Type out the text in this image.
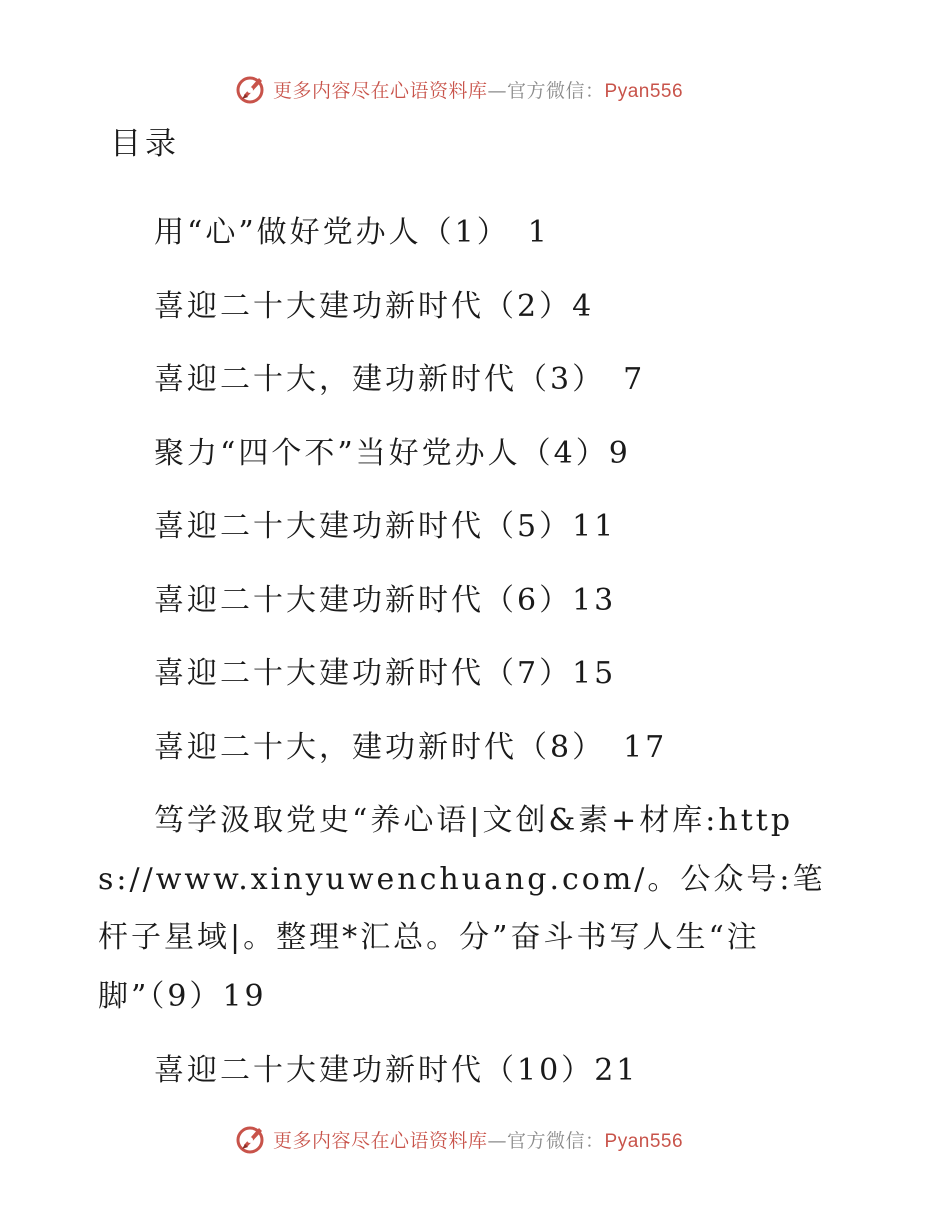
更多内容尽在心语资料库—官方微信：Pyan556
目录
用“心”做好党办人（1）　 1
喜迎二十大建功新时代（2）4
喜迎二十大，建功新时代（3）　 7
聚力“四个不”当好党办人（4）9
喜迎二十大建功新时代（5）11
喜迎二十大建功新时代（6）13
喜迎二十大建功新时代（7）15
喜迎二十大，建功新时代（8）　 17
笃学汲取党史“养心语|文创&素+材库:https://www.xinyuwenchuang.com/。公众号:笔杆子星域|。整理*汇总。分”奋斗书写人生“注脚”（9）19
喜迎二十大建功新时代（10）21
更多内容尽在心语资料库—官方微信：Pyan556
